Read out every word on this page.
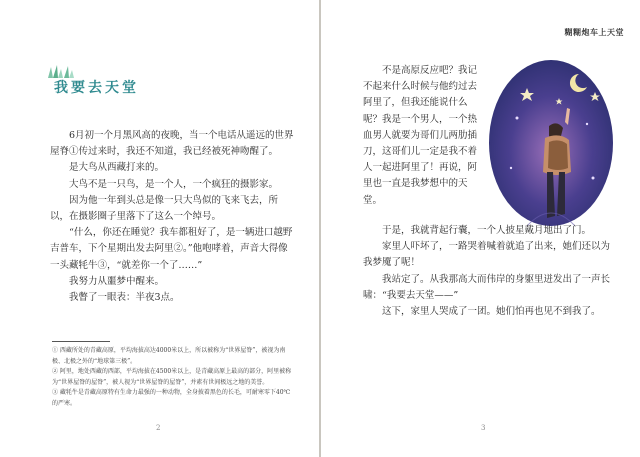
我要去天堂

6月初一个月黑风高的夜晚，当一个电话从遥远的世界屋脊①传过来时，我还不知道，我已经被死神吻醒了。

是大鸟从西藏打来的。

大鸟不是一只鸟，是一个人，一个疯狂的摄影家。

因为他一年到头总是像一只大鸟似的飞来飞去，所以，在摄影圈子里落下了这么一个绰号。

“什么，你还在睡觉？我车都租好了，是一辆进口越野吉普车，下个星期出发去阿里②。”他咆哮着，声音大得像一头藏牦牛③，“就差你一个了……”

我努力从噩梦中醒来。

我瞥了一眼表：半夜3点。

① 西藏所处的青藏高原，平均海拔高达4000米以上，所以被称为“世界屋脊”，被视为南极、北极之外的“地球第三极”。

② 阿里，地处西藏的西部，平均海拔在4500米以上，是青藏高原上最高的部分，阿里被称为“世界屋脊的屋脊”，被人视为“世界屋脊的屋脊”，并素有世间极远之地的美誉。

③ 藏牦牛是青藏高原特有生命力最强的一种动物，全身披着黑色的长毛，可耐寒零下40℃的严寒。

2
糊糊炮车上天堂

不是高原反应吧？我记不起来什么时候与他约过去阿里了，但我还能说什么呢？我是一个男人，一个热血男人就要为哥们儿两肋插刀，这哥们儿一定是我不着人一起进阿里了！再说，阿里也一直是我梦想中的天堂。

于是，我就背起行囊，一个人披星戴月地出了门。

家里人吓坏了，一路哭着喊着就追了出来，她们还以为我梦魇了呢！

我站定了。从我那高大而伟岸的身躯里迸发出了一声长啸：“我要去天堂——”

这下，家里人哭成了一团。她们怕再也见不到我了。

3
